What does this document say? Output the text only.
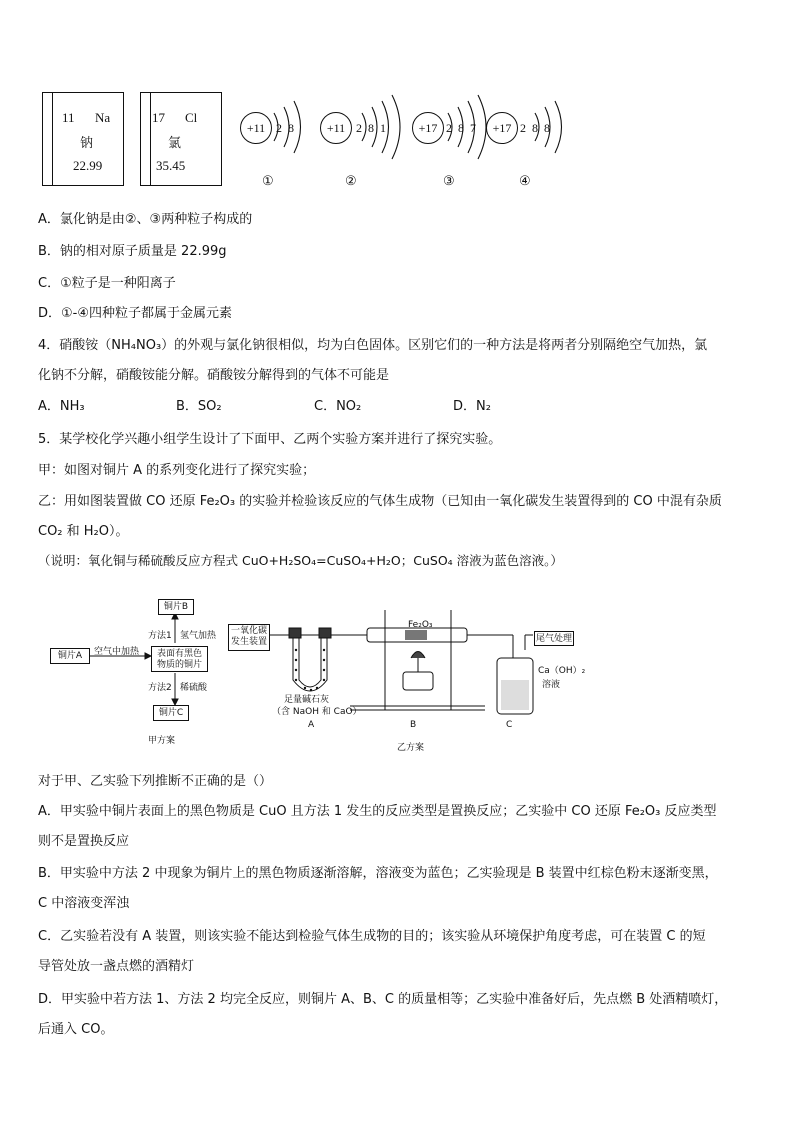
11 Na
钠
22.99
17 Cl
氯
35.45
+11 2  8
①
+11 2  8  1
②
+17 2  8  7
③
+17 2  8  8
④
A．氯化钠是由②、③两种粒子构成的
B．钠的相对原子质量是 22.99g
C．①粒子是一种阳离子
D．①-④四种粒子都属于金属元素
4．硝酸铵（NH₄NO₃）的外观与氯化钠很相似，均为白色固体。区别它们的一种方法是将两者分别隔绝空气加热，氯
化钠不分解，硝酸铵能分解。硝酸铵分解得到的气体不可能是
A．NH₃	B．SO₂	C．NO₂	D．N₂
5．某学校化学兴趣小组学生设计了下面甲、乙两个实验方案并进行了探究实验。
甲：如图对铜片 A 的系列变化进行了探究实验；
乙：用如图装置做 CO 还原 Fe₂O₃ 的实验并检验该反应的气体生成物（已知由一氧化碳发生装置得到的 CO 中混有杂质
CO₂ 和 H₂O）。
（说明：氧化铜与稀硫酸反应方程式 CuO+H₂SO₄=CuSO₄+H₂O；CuSO₄ 溶液为蓝色溶液。）
铜片A	空气中加热	表面有黑色物质的铜片
铜片B
方法1 氢气加热
方法2 稀硫酸
铜片C
甲方案
一氧化碳发生装置
Fe₂O₃
尾气处理
Ca（OH）₂
溶液
足量碱石灰
（含 NaOH 和 CaO）
A	B	C
乙方案
对于甲、乙实验下列推断不正确的是（）
A．甲实验中铜片表面上的黑色物质是 CuO 且方法 1 发生的反应类型是置换反应；乙实验中 CO 还原 Fe₂O₃ 反应类型
则不是置换反应
B．甲实验中方法 2 中现象为铜片上的黑色物质逐渐溶解，溶液变为蓝色；乙实验现是 B 装置中红棕色粉末逐渐变黑，
C 中溶液变浑浊
C．乙实验若没有 A 装置，则该实验不能达到检验气体生成物的目的；该实验从环境保护角度考虑，可在装置 C 的短
导管处放一盏点燃的酒精灯
D．甲实验中若方法 1、方法 2 均完全反应，则铜片 A、B、C 的质量相等；乙实验中准备好后，先点燃 B 处酒精喷灯，
后通入 CO。
